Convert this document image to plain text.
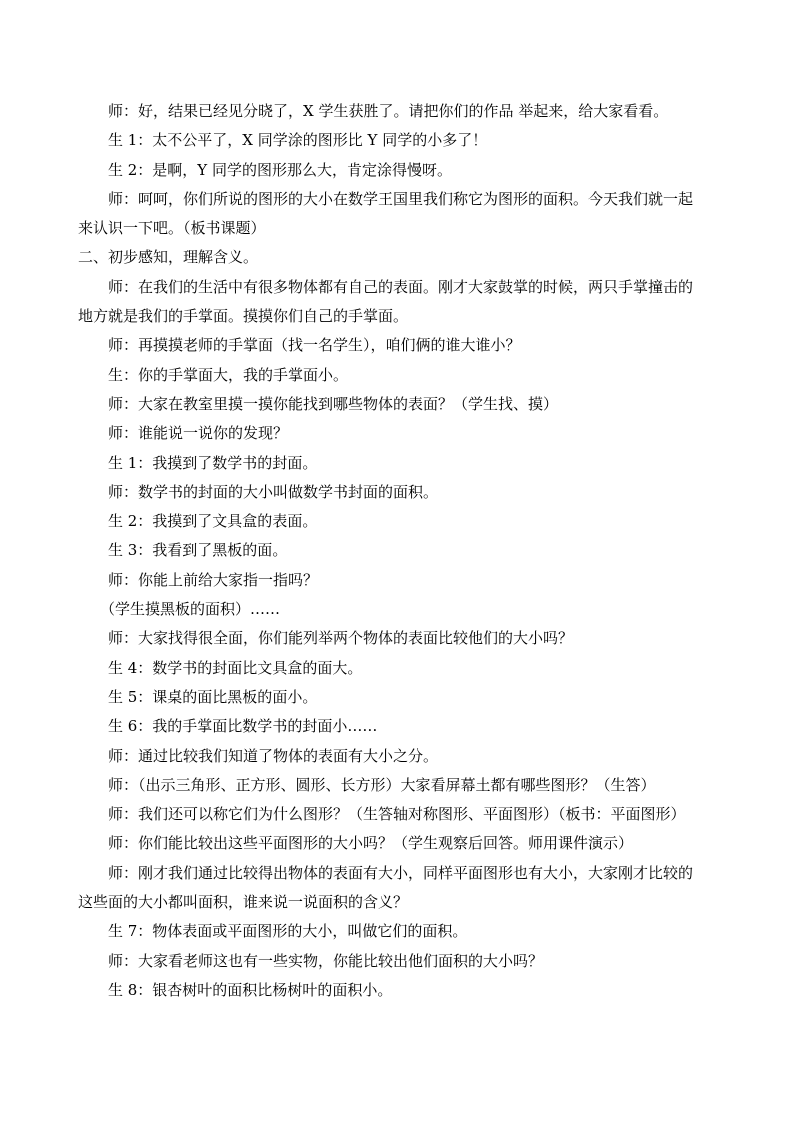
师：好，结果已经见分晓了，X 学生获胜了。请把你们的作品 举起来，给大家看看。

生 1：太不公平了，X 同学涂的图形比 Y 同学的小多了！

生 2：是啊，Y 同学的图形那么大，肯定涂得慢呀。

师：呵呵，你们所说的图形的大小在数学王国里我们称它为图形的面积。今天我们就一起
来认识一下吧。（板书课题）

二、初步感知，理解含义。

师：在我们的生活中有很多物体都有自己的表面。刚才大家鼓掌的时候，两只手掌撞击的
地方就是我们的手掌面。摸摸你们自己的手掌面。

师：再摸摸老师的手掌面（找一名学生），咱们俩的谁大谁小？

生：你的手掌面大，我的手掌面小。

师：大家在教室里摸一摸你能找到哪些物体的表面？（学生找、摸）

师：谁能说一说你的发现？

生 1：我摸到了数学书的封面。

师：数学书的封面的大小叫做数学书封面的面积。

生 2：我摸到了文具盒的表面。

生 3：我看到了黑板的面。

师：你能上前给大家指一指吗？

（学生摸黑板的面积）……

师：大家找得很全面，你们能列举两个物体的表面比较他们的大小吗？

生 4：数学书的封面比文具盒的面大。

生 5：课桌的面比黑板的面小。

生 6：我的手掌面比数学书的封面小……

师：通过比较我们知道了物体的表面有大小之分。

师：（出示三角形、正方形、圆形、长方形）大家看屏幕土都有哪些图形？（生答）

师：我们还可以称它们为什么图形？（生答轴对称图形、平面图形）（板书：平面图形）

师：你们能比较出这些平面图形的大小吗？（学生观察后回答。师用课件演示）

师：刚才我们通过比较得出物体的表面有大小，同样平面图形也有大小，大家刚才比较的
这些面的大小都叫面积，谁来说一说面积的含义？

生 7：物体表面或平面图形的大小，叫做它们的面积。

师：大家看老师这也有一些实物，你能比较出他们面积的大小吗？

生 8：银杏树叶的面积比杨树叶的面积小。
